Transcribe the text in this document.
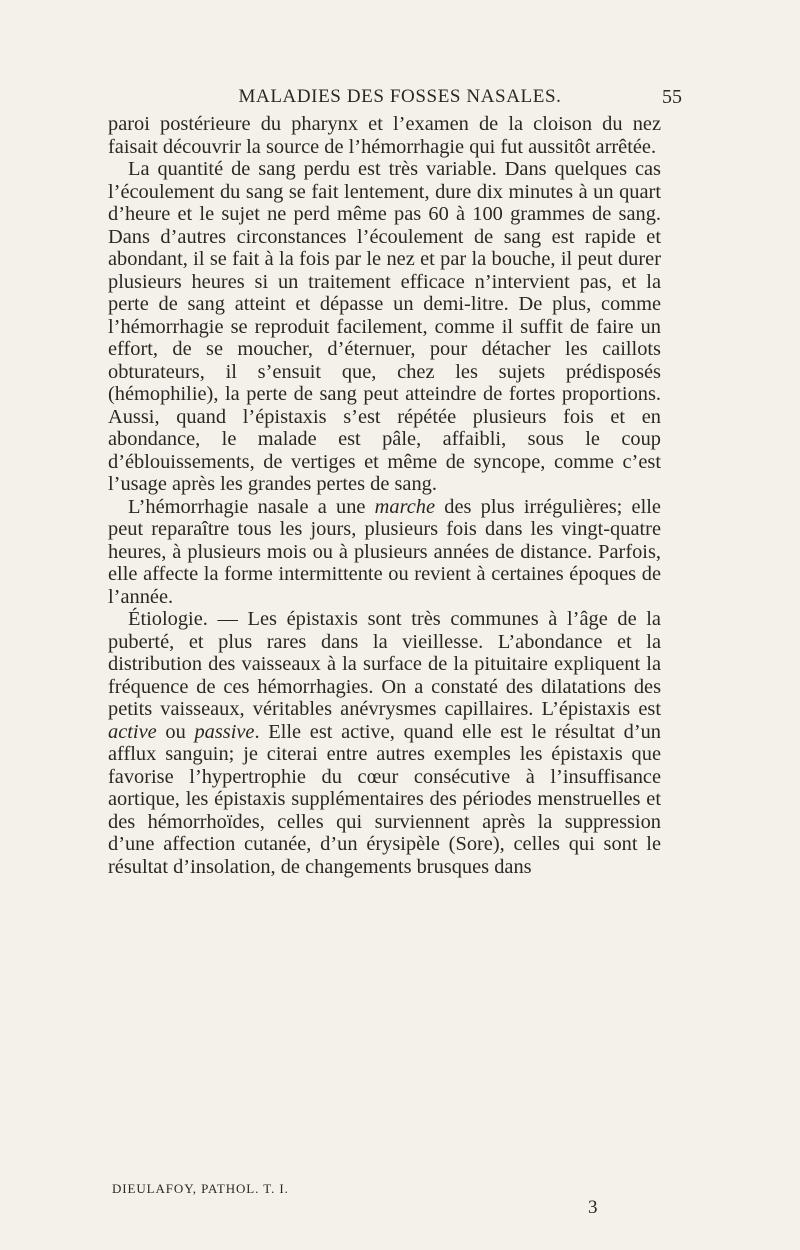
MALADIES DES FOSSES NASALES.	55

paroi postérieure du pharynx et l’examen de la cloison du nez faisait découvrir la source de l’hémorrhagie qui fut aussitôt arrêtée.

La quantité de sang perdu est très variable. Dans quelques cas l’écoulement du sang se fait lentement, dure dix minutes à un quart d’heure et le sujet ne perd même pas 60 à 100 grammes de sang. Dans d’autres circonstances l’écoulement de sang est rapide et abondant, il se fait à la fois par le nez et par la bouche, il peut durer plusieurs heures si un traitement efficace n’intervient pas, et la perte de sang atteint et dépasse un demi-litre. De plus, comme l’hémorrhagie se reproduit facilement, comme il suffit de faire un effort, de se moucher, d’éternuer, pour détacher les caillots obturateurs, il s’ensuit que, chez les sujets prédisposés (hémophilie), la perte de sang peut atteindre de fortes proportions. Aussi, quand l’épistaxis s’est répétée plusieurs fois et en abondance, le malade est pâle, affaibli, sous le coup d’éblouissements, de vertiges et même de syncope, comme c’est l’usage après les grandes pertes de sang.

L’hémorrhagie nasale a une marche des plus irrégulières; elle peut reparaître tous les jours, plusieurs fois dans les vingt-quatre heures, à plusieurs mois ou à plusieurs années de distance. Parfois, elle affecte la forme intermittente ou revient à certaines époques de l’année.

Étiologie. — Les épistaxis sont très communes à l’âge de la puberté, et plus rares dans la vieillesse. L’abondance et la distribution des vaisseaux à la surface de la pituitaire expliquent la fréquence de ces hémorrhagies. On a constaté des dilatations des petits vaisseaux, véritables anévrysmes capillaires. L’épistaxis est active ou passive. Elle est active, quand elle est le résultat d’un afflux sanguin; je citerai entre autres exemples les épistaxis que favorise l’hypertrophie du cœur consécutive à l’insuffisance aortique, les épistaxis supplémentaires des périodes menstruelles et des hémorrhoïdes, celles qui surviennent après la suppression d’une affection cutanée, d’un érysipèle (Sore), celles qui sont le résultat d’insolation, de changements brusques dans

DIEULAFOY, PATHOL. T. I.
3
